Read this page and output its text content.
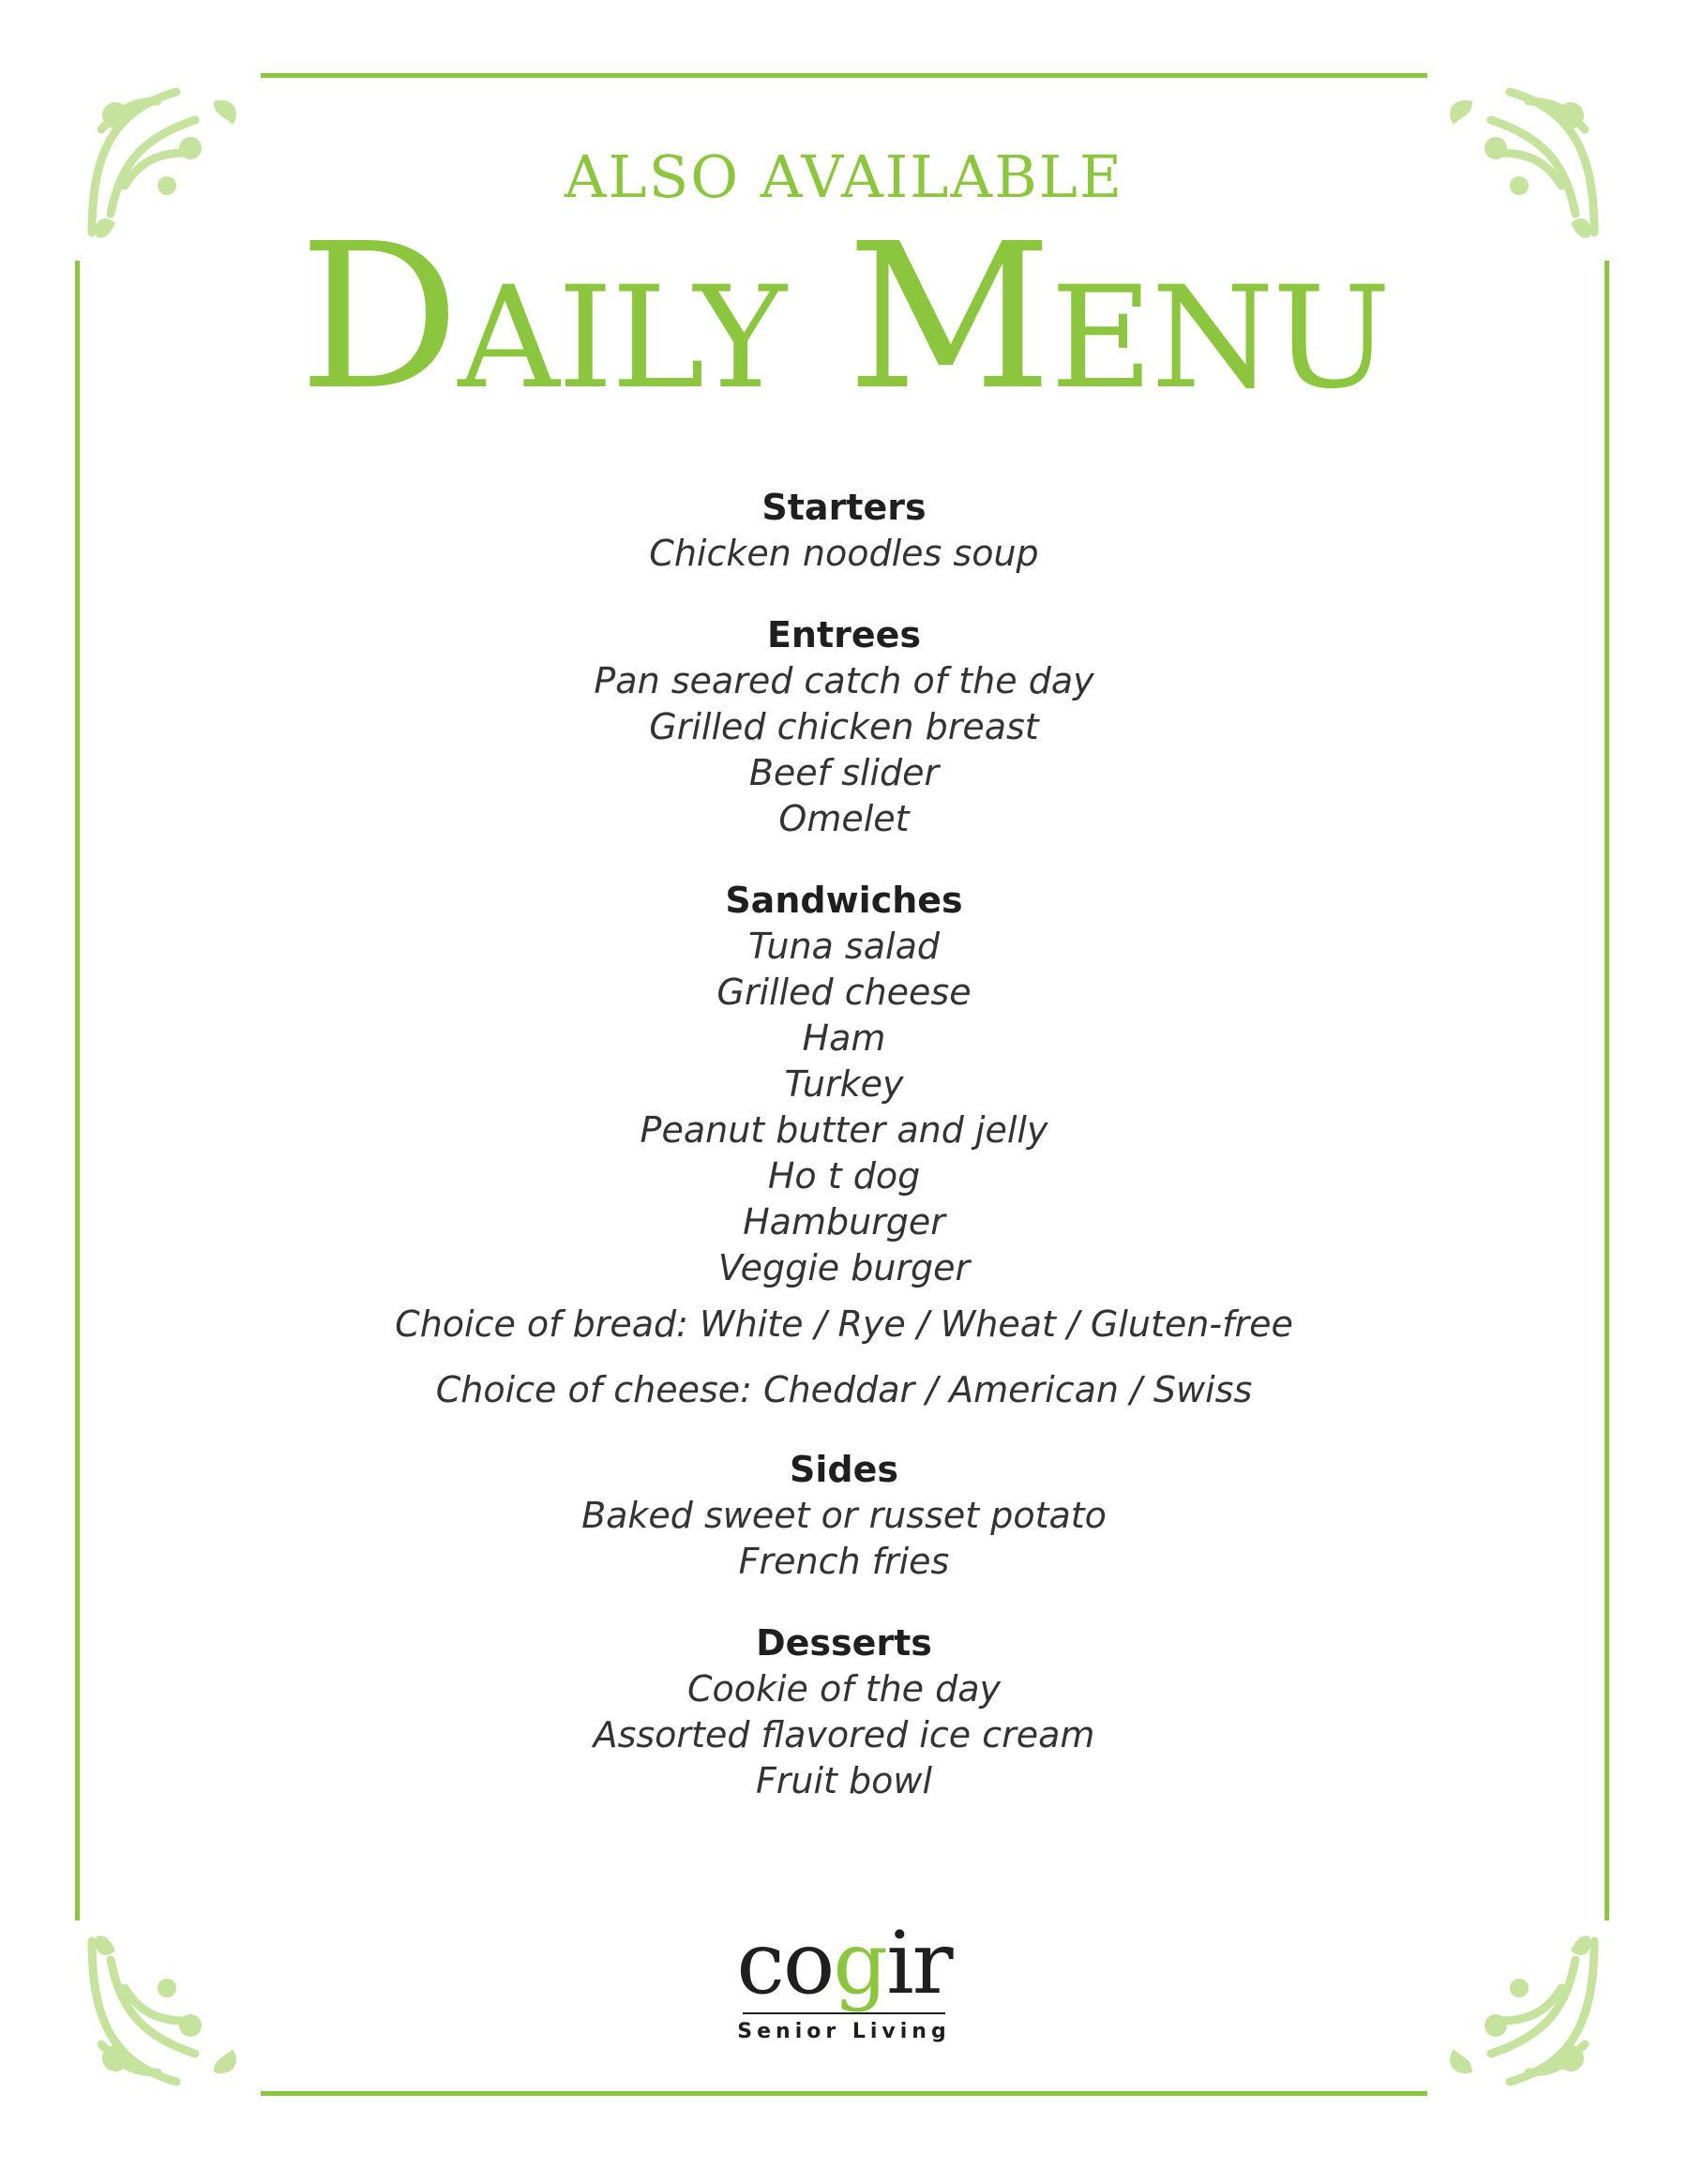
ALSO AVAILABLE
Daily Menu
Starters
Chicken noodles soup
Entrees
Pan seared catch of the day
Grilled chicken breast
Beef slider
Omelet
Sandwiches
Tuna salad
Grilled cheese
Ham
Turkey
Peanut butter and jelly
Ho t dog
Hamburger
Veggie burger
Choice of bread: White / Rye / Wheat / Gluten-free
Choice of cheese: Cheddar / American / Swiss
Sides
Baked sweet or russet potato
French fries
Desserts
Cookie of the day
Assorted flavored ice cream
Fruit bowl
cogir
Senior Living
